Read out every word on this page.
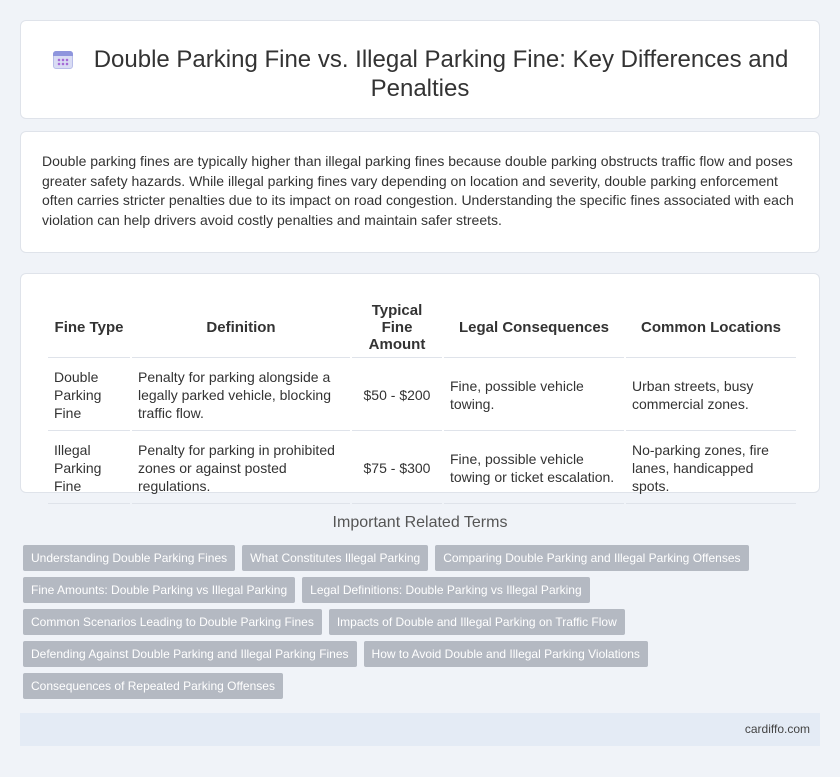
Double Parking Fine vs. Illegal Parking Fine: Key Differences and Penalties

Double parking fines are typically higher than illegal parking fines because double parking obstructs traffic flow and poses greater safety hazards. While illegal parking fines vary depending on location and severity, double parking enforcement often carries stricter penalties due to its impact on road congestion. Understanding the specific fines associated with each violation can help drivers avoid costly penalties and maintain safer streets.

Fine Type	Definition	Typical Fine Amount	Legal Consequences	Common Locations
Double Parking Fine	Penalty for parking alongside a legally parked vehicle, blocking traffic flow.	$50 - $200	Fine, possible vehicle towing.	Urban streets, busy commercial zones.
Illegal Parking Fine	Penalty for parking in prohibited zones or against posted regulations.	$75 - $300	Fine, possible vehicle towing or ticket escalation.	No-parking zones, fire lanes, handicapped spots.
Important Related Terms
Understanding Double Parking Fines What Constitutes Illegal Parking Comparing Double Parking and Illegal Parking Offenses
Fine Amounts: Double Parking vs Illegal Parking Legal Definitions: Double Parking vs Illegal Parking
Common Scenarios Leading to Double Parking Fines Impacts of Double and Illegal Parking on Traffic Flow
Defending Against Double Parking and Illegal Parking Fines How to Avoid Double and Illegal Parking Violations
Consequences of Repeated Parking Offenses
cardiffo.com
